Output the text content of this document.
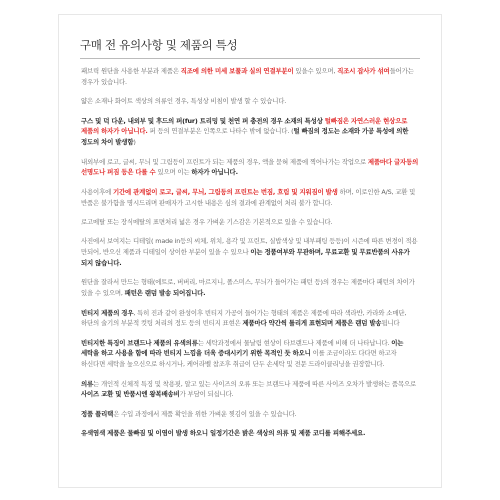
구매 전 유의사항 및 제품의 특성

패브릭 원단을 사용한 부분과 제품은 직조에 의한 미세 보풀과 실의 연결부분이 있을수 있으며, 직조시 잡사가 섞여들어가는 경우가 있습니다.

얇은 소재나 화이트 색상의 의류인 경우, 특성상 비침이 발생 할 수 있습니다.

구스 및 덕 다운, 내외부 및 후드의 퍼(fur) 트리밍 및 천연 퍼 충전의 경우 소재의 특성상 털빠짐은 자연스러운 현상으로 제품의 하자가 아닙니다. 퍼 등의 연결부분은 인쪽으로 나타수 밖에 없습니다. (털 빠짐의 정도는 소재와 가공 특성에 의한 정도의 차이 발생함)

내외부에 로고, 글씨, 무늬 및 그림등이 프린트가 되는 제품의 경우, 액을 묻혀 제품에 찍어나가는 작업으로 제품마다 글자등의 선명도나 퍼짐 등은 다를 수 있으며 이는 하자가 아닙니다.

사용이후에 기간에 관계없이 로고, 글씨, 무늬, 그림등의 프린트는 번짐, 흐림 및 지워짐이 발생 하며, 이로인한 A/S, 교환 및 반품은 불가함을 명시드리며 판매자가 고시한 내용은 심의 결과에 관계없이 처리 불가 합니다.

로고메탈 또는 장식메탈의 표면처리 넓은 경우 가벼운 기스감은 기본적으로 있을 수 있습니다.

사진에서 보여지는 디테일( made in등의 씨체, 위치, 용각 및 프린트, 실밥색상 및 내부패팅 등등)이 시즌에 따른 변경이 적용 만되어, 반으신 제품과 디테일이 상이한 부분이 있을 수 있으나 이는 정품여부와 무관하며, 무료교환 및 무료반품의 사유가 되지 않습니다.

원단을 잘라서 만드는 형태(에트로, 버버리, 마르지니, 폴스미스, 무늬가 들어가는 패턴 등)의 경우는 제품마다 패턴의 차이가 있을 수 있으며, 패턴은 랜덤 발송 되어집니다.

빈티지 제품의 경우, 특히 진과 같이 완성이후 빈티지 가공이 들어가는 형태의 제품은 제품에 따라 색라반, 카라와 소매단, 하단의 술기의 부분적 컷팅 처리의 정도 등의 빈티지 표현은 제품마다 약간씩 틀리게 표현되며 제품은 랜덤 발송됩니다

빈티지한 특징이 브랜드나 제품의 유색의류는 세탁과정에서 물날림 현상이 타브랜드나 제품에 비해 더 나타납니다. 이는 세탁을 하고 사용을 함에 따라 빈티지 느낌을 더욱 증대시키기 위한 목적인 듯 하오니 이를 조금이라도 다다면 하고자 하신다면 세탁을 높으신으로 하시거나, 케어라벨 참조후 취급이 단두 손세탁 및 전문 드라이클리닝을 권장합니다.

의류는 개인적 신체적 특징 및 착용핏, 알고 있는 사이즈의 오류 또는 브랜드나 제품에 따른 사이즈 오차가 발생하는 품목으로 사이즈 교환 및 반품시엔 왕복배송비가 부담이 되십니다.

정품 플리택은 수입 과정에서 제품 확인을 위한 가벼운 찢김이 있을 수 있습니다.

유색염색 제품은 물빠짐 및 이염이 발생 하오니 일정기간은 밝은 색상의 의류 및 제품 코디를 피해주세요.
